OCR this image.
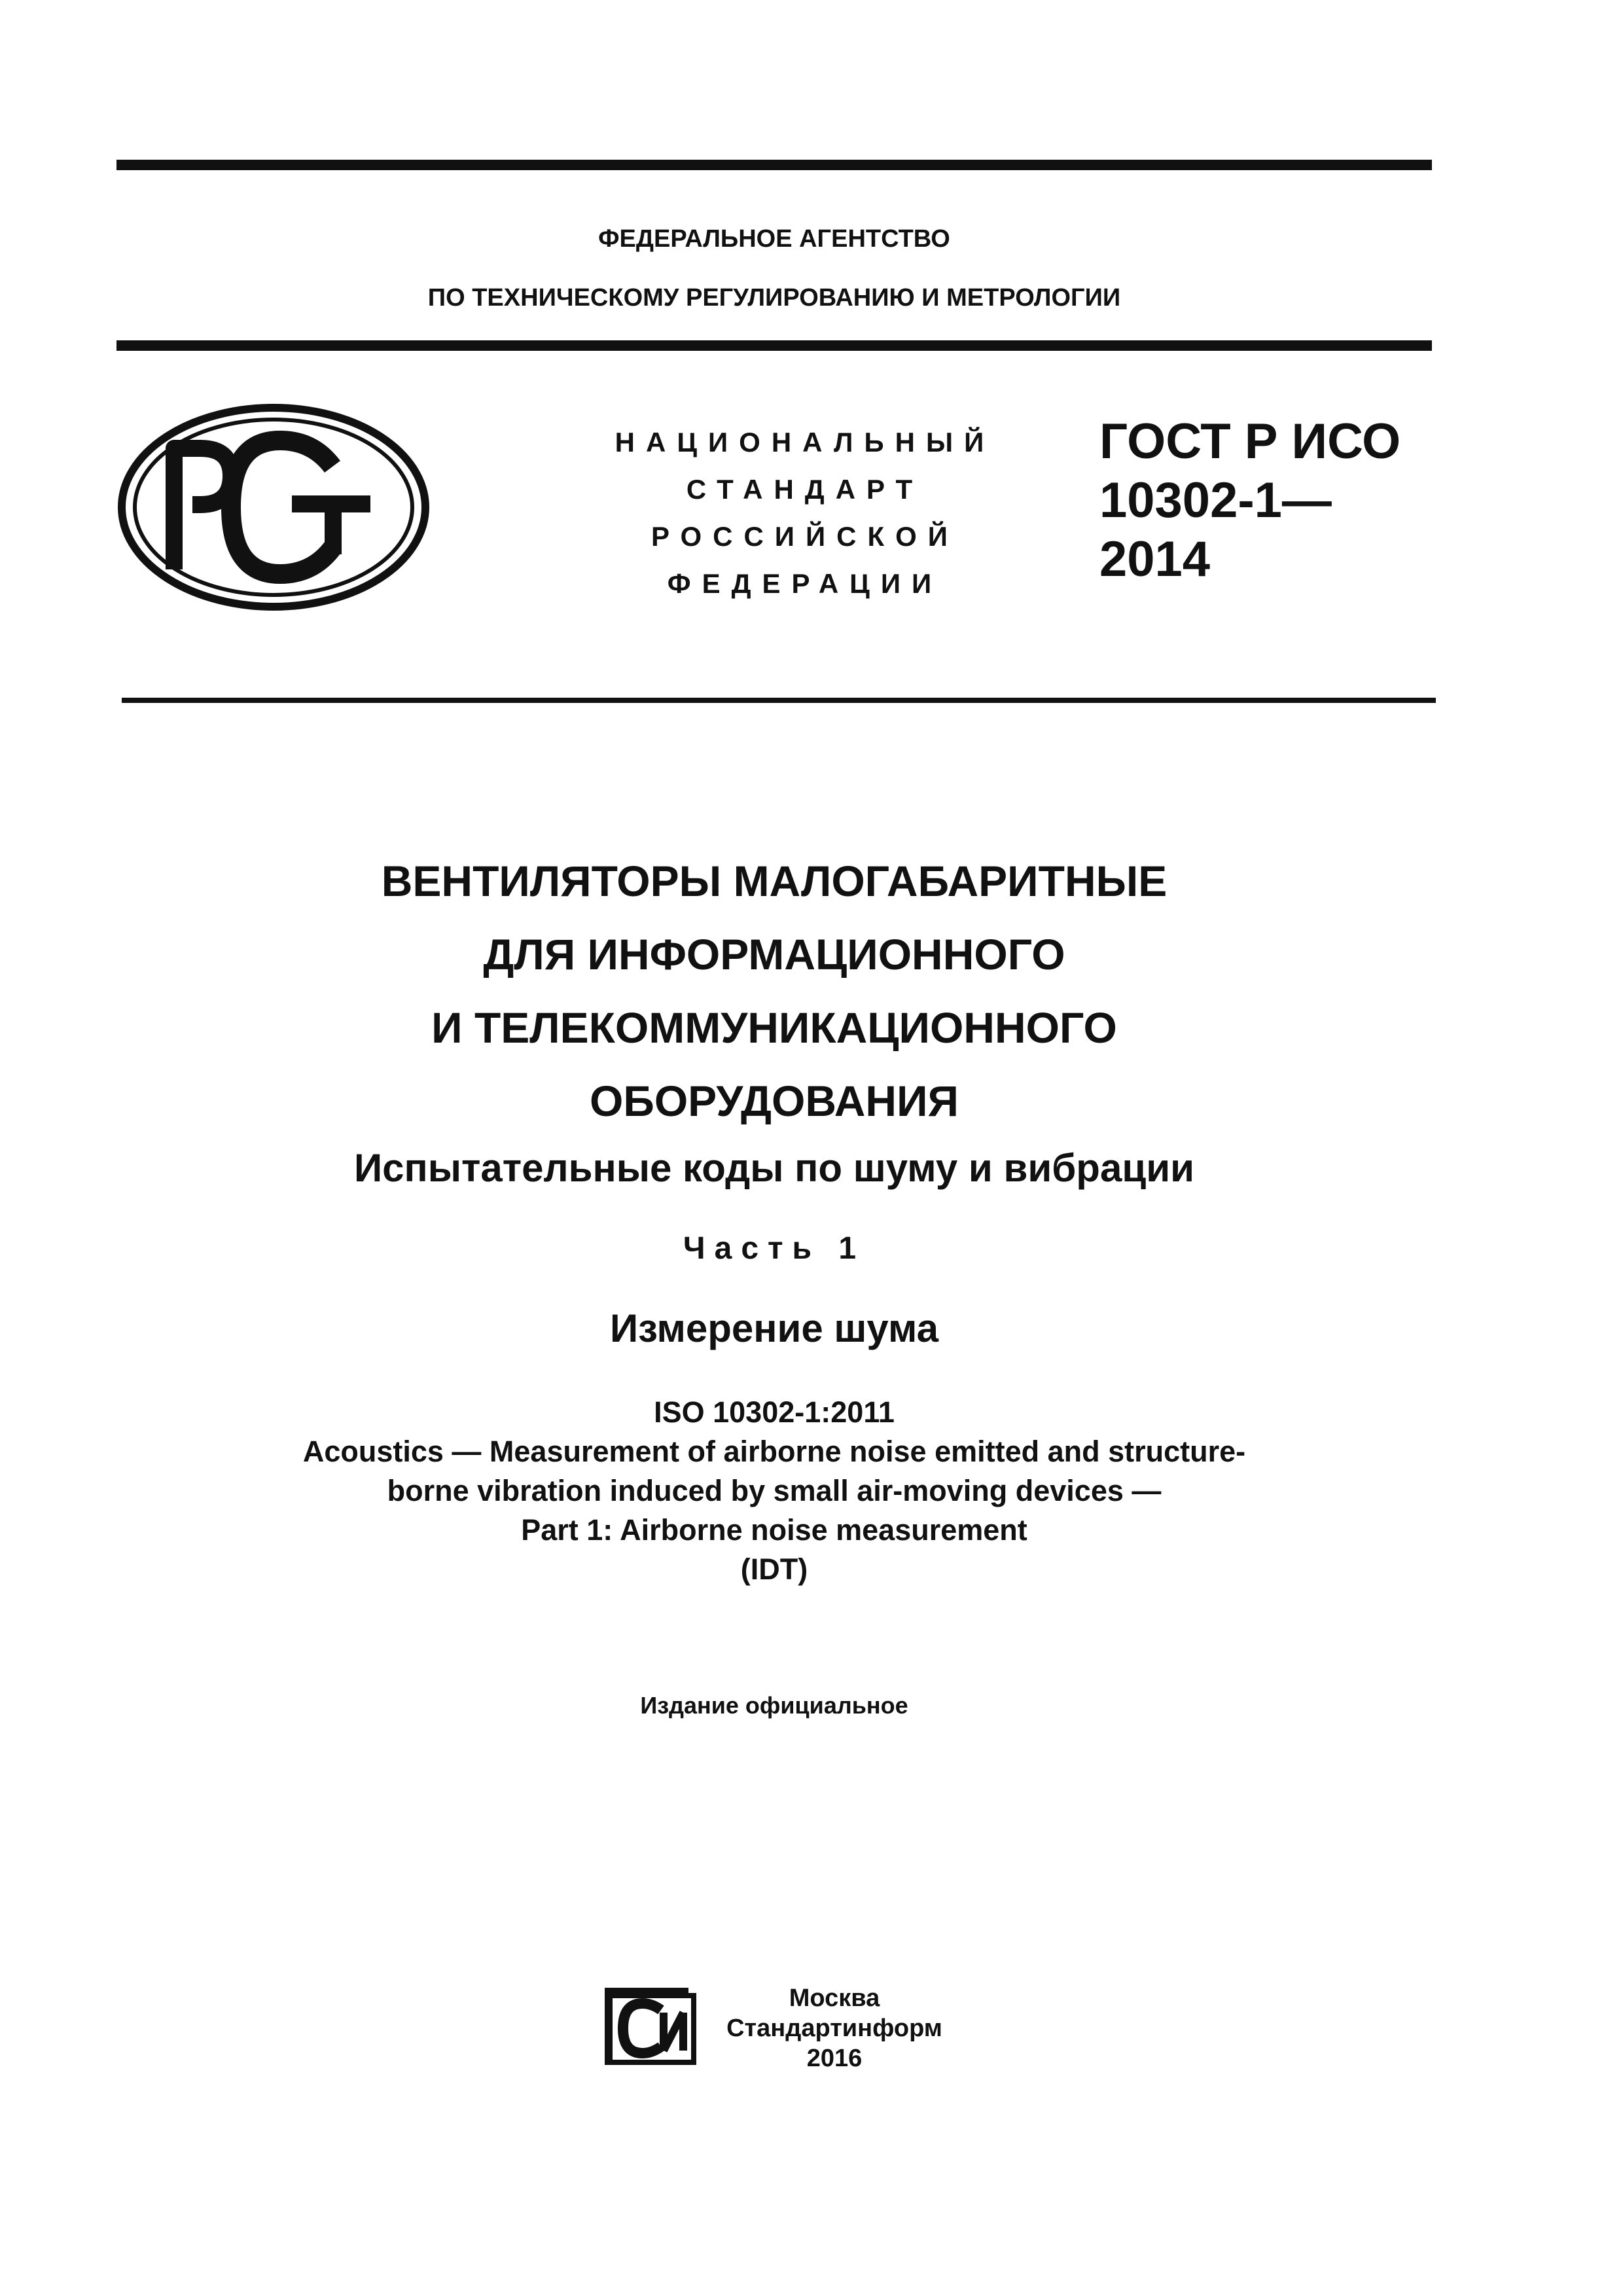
ФЕДЕРАЛЬНОЕ АГЕНТСТВО
ПО ТЕХНИЧЕСКОМУ РЕГУЛИРОВАНИЮ И МЕТРОЛОГИИ
НАЦИОНАЛЬНЫЙ
СТАНДАРТ
РОССИЙСКОЙ
ФЕДЕРАЦИИ
ГОСТ Р ИСО
10302-1—
2014
ВЕНТИЛЯТОРЫ МАЛОГАБАРИТНЫЕ
ДЛЯ ИНФОРМАЦИОННОГО
И ТЕЛЕКОММУНИКАЦИОННОГО
ОБОРУДОВАНИЯ
Испытательные коды по шуму и вибрации
Часть 1
Измерение шума
ISO 10302-1:2011
Acoustics — Measurement of airborne noise emitted and structure-
borne vibration induced by small air-moving devices —
Part 1: Airborne noise measurement
(IDT)
Издание официальное
Москва
Стандартинформ
2016
